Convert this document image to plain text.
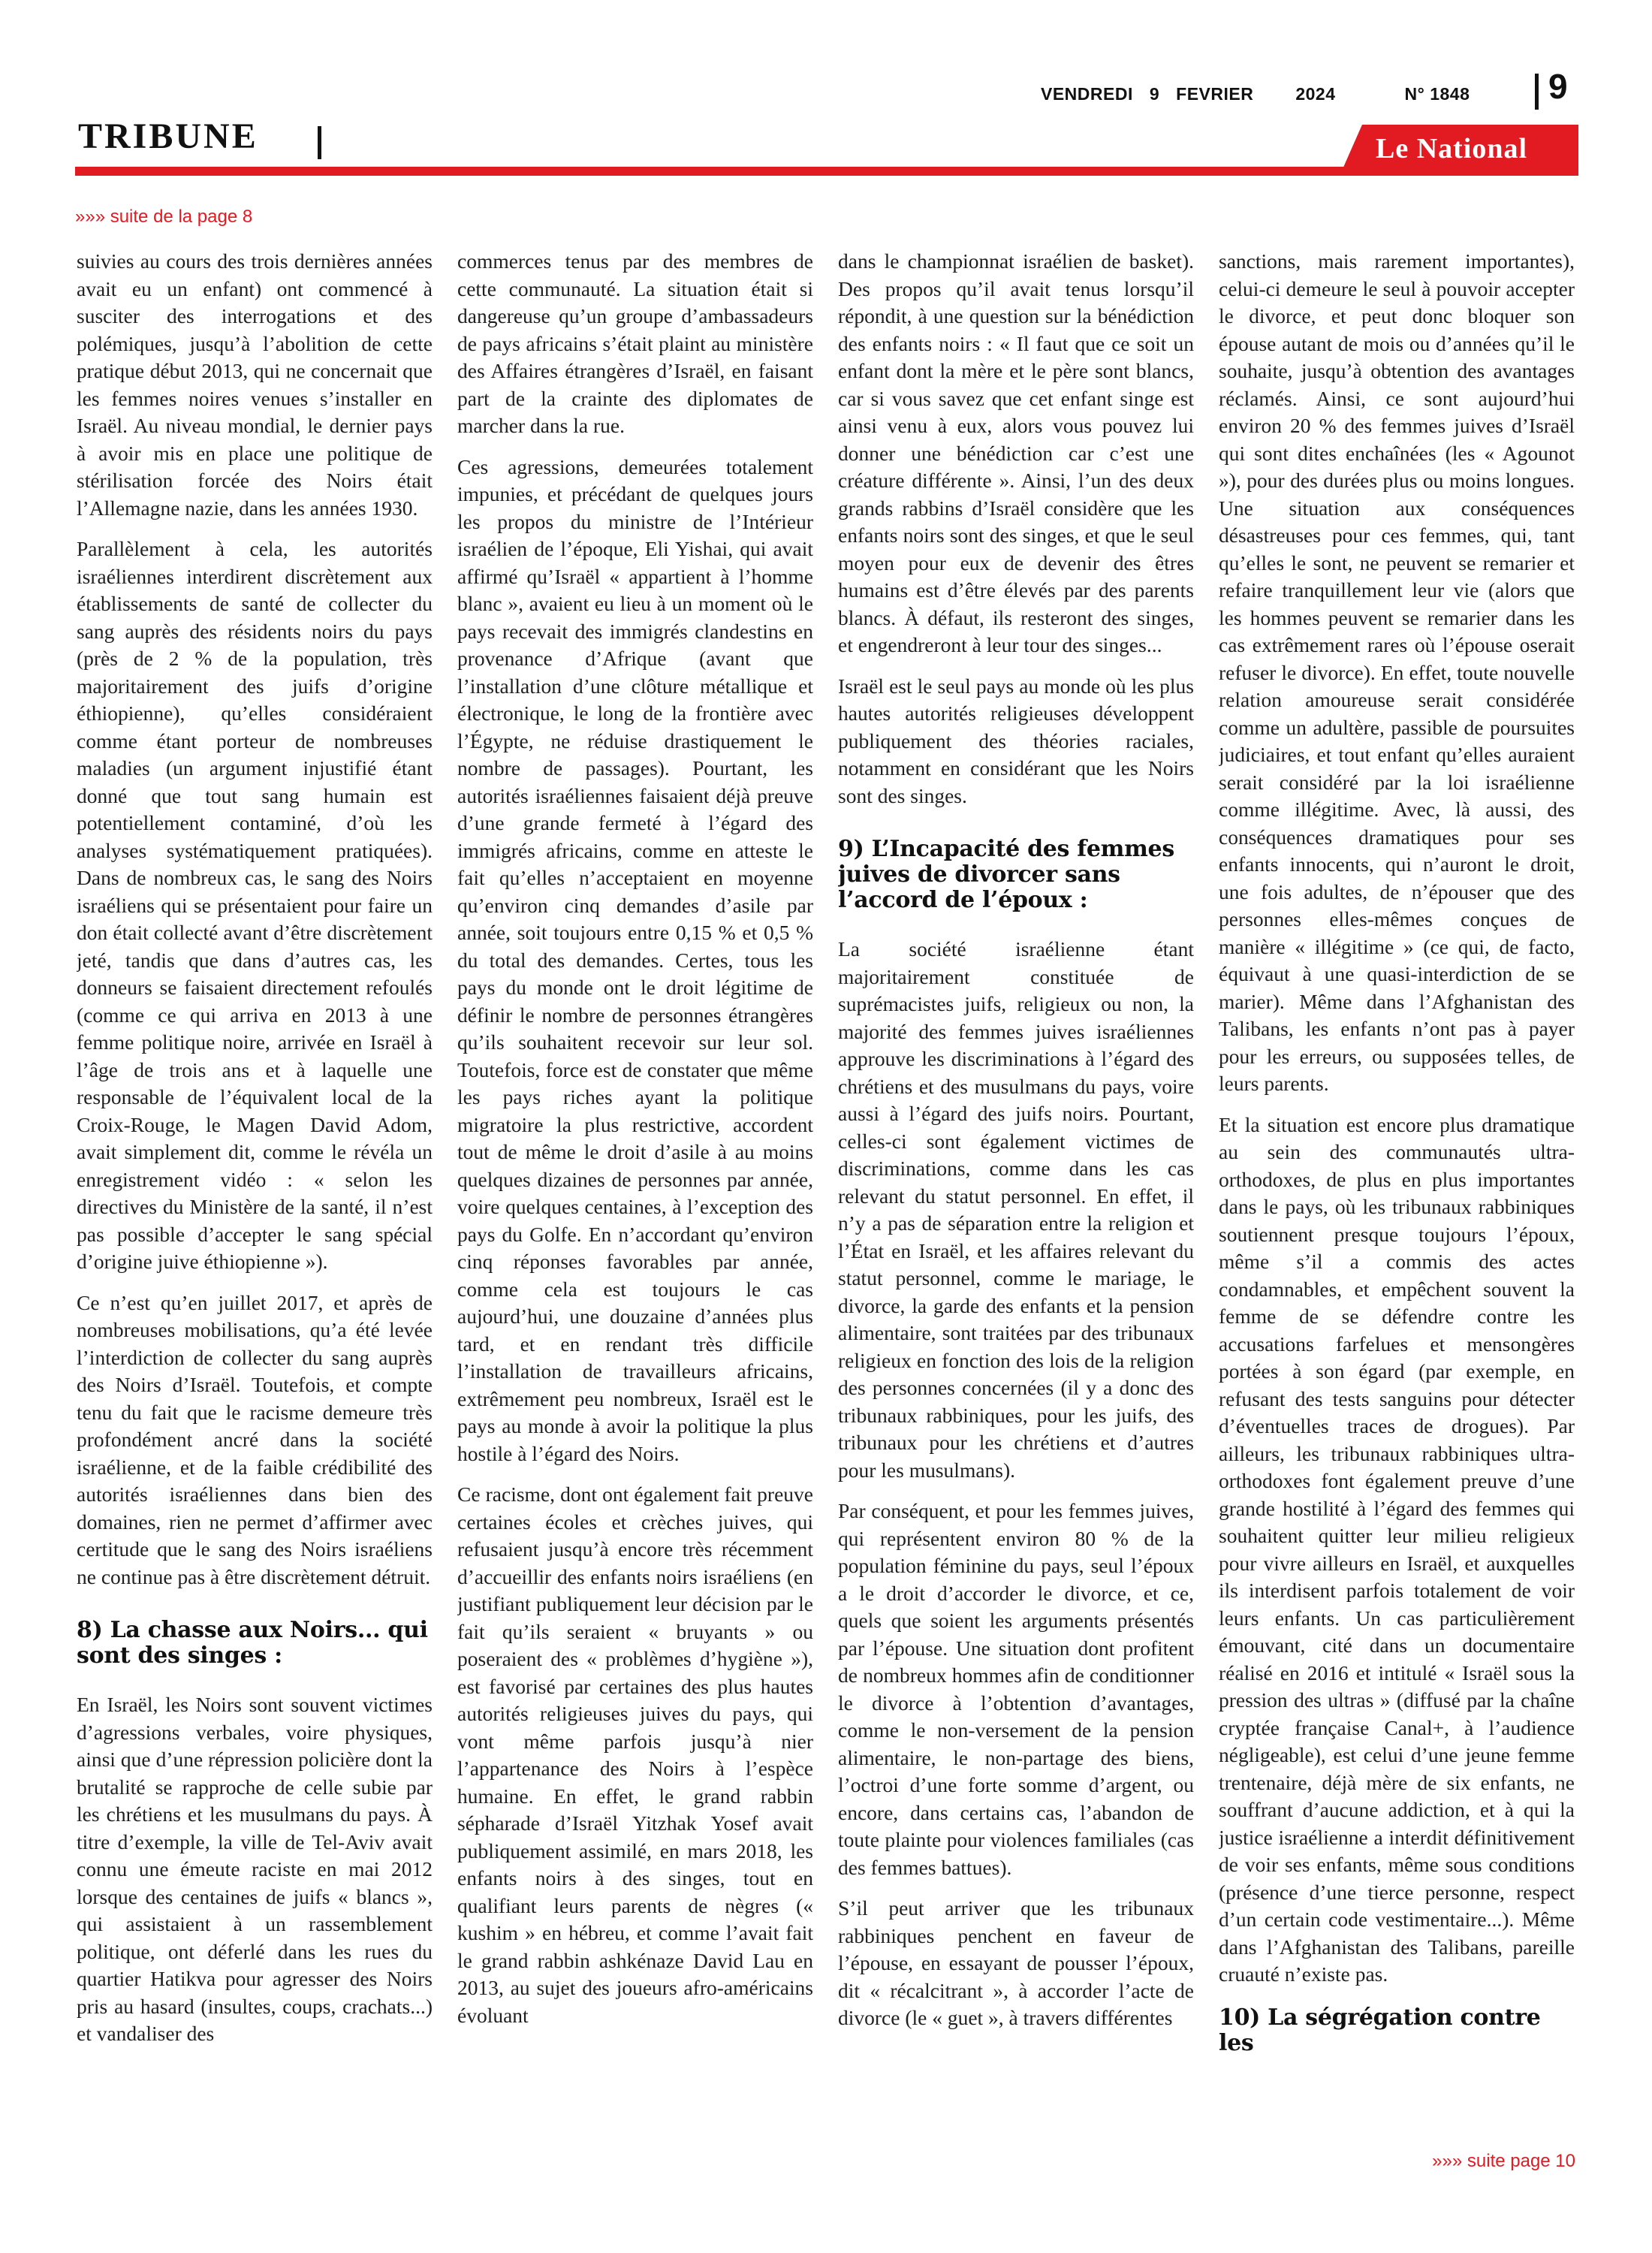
VENDREDI 9 FEVRIER 2024	N° 1848 9
TRIBUNE	Le National
»»» suite de la page 8

suivies au cours des trois dernières années avait eu un enfant) ont commencé à susciter des interrogations et des polémiques, jusqu’à l’abolition de cette pratique début 2013, qui ne concernait que les femmes noires venues s’installer en Israël. Au niveau mondial, le dernier pays à avoir mis en place une politique de stérilisation forcée des Noirs était l’Allemagne nazie, dans les années 1930.

Parallèlement à cela, les autorités israéliennes interdirent discrètement aux établissements de santé de collecter du sang auprès des résidents noirs du pays (près de 2 % de la population, très majoritairement des juifs d’origine éthiopienne), qu’elles considéraient comme étant porteur de nombreuses maladies (un argument injustifié étant donné que tout sang humain est potentiellement contaminé, d’où les analyses systématiquement pratiquées). Dans de nombreux cas, le sang des Noirs israéliens qui se présentaient pour faire un don était collecté avant d’être discrètement jeté, tandis que dans d’autres cas, les donneurs se faisaient directement refoulés (comme ce qui arriva en 2013 à une femme politique noire, arrivée en Israël à l’âge de trois ans et à laquelle une responsable de l’équivalent local de la Croix-Rouge, le Magen David Adom, avait simplement dit, comme le révéla un enregistrement vidéo : « selon les directives du Ministère de la santé, il n’est pas possible d’accepter le sang spécial d’origine juive éthiopienne »).

Ce n’est qu’en juillet 2017, et après de nombreuses mobilisations, qu’a été levée l’interdiction de collecter du sang auprès des Noirs d’Israël. Toutefois, et compte tenu du fait que le racisme demeure très profondément ancré dans la société israélienne, et de la faible crédibilité des autorités israéliennes dans bien des domaines, rien ne permet d’affirmer avec certitude que le sang des Noirs israéliens ne continue pas à être discrètement détruit.

8) La chasse aux Noirs... qui sont des singes :

En Israël, les Noirs sont souvent victimes d’agressions verbales, voire physiques, ainsi que d’une répression policière dont la brutalité se rapproche de celle subie par les chrétiens et les musulmans du pays. À titre d’exemple, la ville de Tel-Aviv avait connu une émeute raciste en mai 2012 lorsque des centaines de juifs « blancs », qui assistaient à un rassemblement politique, ont déferlé dans les rues du quartier Hatikva pour agresser des Noirs pris au hasard (insultes, coups, crachats...) et vandaliser des

commerces tenus par des membres de cette communauté. La situation était si dangereuse qu’un groupe d’ambassadeurs de pays africains s’était plaint au ministère des Affaires étrangères d’Israël, en faisant part de la crainte des diplomates de marcher dans la rue.

Ces agressions, demeurées totalement impunies, et précédant de quelques jours les propos du ministre de l’Intérieur israélien de l’époque, Eli Yishai, qui avait affirmé qu’Israël « appartient à l’homme blanc », avaient eu lieu à un moment où le pays recevait des immigrés clandestins en provenance d’Afrique (avant que l’installation d’une clôture métallique et électronique, le long de la frontière avec l’Égypte, ne réduise drastiquement le nombre de passages). Pourtant, les autorités israéliennes faisaient déjà preuve d’une grande fermeté à l’égard des immigrés africains, comme en atteste le fait qu’elles n’acceptaient en moyenne qu’environ cinq demandes d’asile par année, soit toujours entre 0,15 % et 0,5 % du total des demandes. Certes, tous les pays du monde ont le droit légitime de définir le nombre de personnes étrangères qu’ils souhaitent recevoir sur leur sol. Toutefois, force est de constater que même les pays riches ayant la politique migratoire la plus restrictive, accordent tout de même le droit d’asile à au moins quelques dizaines de personnes par année, voire quelques centaines, à l’exception des pays du Golfe. En n’accordant qu’environ cinq réponses favorables par année, comme cela est toujours le cas aujourd’hui, une douzaine d’années plus tard, et en rendant très difficile l’installation de travailleurs africains, extrêmement peu nombreux, Israël est le pays au monde à avoir la politique la plus hostile à l’égard des Noirs.

Ce racisme, dont ont également fait preuve certaines écoles et crèches juives, qui refusaient jusqu’à encore très récemment d’accueillir des enfants noirs israéliens (en justifiant publiquement leur décision par le fait qu’ils seraient « bruyants » ou poseraient des « problèmes d’hygiène »), est favorisé par certaines des plus hautes autorités religieuses juives du pays, qui vont même parfois jusqu’à nier l’appartenance des Noirs à l’espèce humaine. En effet, le grand rabbin sépharade d’Israël Yitzhak Yosef avait publiquement assimilé, en mars 2018, les enfants noirs à des singes, tout en qualifiant leurs parents de nègres (« kushim » en hébreu, et comme l’avait fait le grand rabbin ashkénaze David Lau en 2013, au sujet des joueurs afro-américains évoluant

dans le championnat israélien de basket). Des propos qu’il avait tenus lorsqu’il répondit, à une question sur la bénédiction des enfants noirs : « Il faut que ce soit un enfant dont la mère et le père sont blancs, car si vous savez que cet enfant singe est ainsi venu à eux, alors vous pouvez lui donner une bénédiction car c’est une créature différente ». Ainsi, l’un des deux grands rabbins d’Israël considère que les enfants noirs sont des singes, et que le seul moyen pour eux de devenir des êtres humains est d’être élevés par des parents blancs. À défaut, ils resteront des singes, et engendreront à leur tour des singes...

Israël est le seul pays au monde où les plus hautes autorités religieuses développent publiquement des théories raciales, notamment en considérant que les Noirs sont des singes.

9) L’Incapacité des femmes juives de divorcer sans l’accord de l’époux :

La société israélienne étant majoritairement constituée de suprémacistes juifs, religieux ou non, la majorité des femmes juives israéliennes approuve les discriminations à l’égard des chrétiens et des musulmans du pays, voire aussi à l’égard des juifs noirs. Pourtant, celles-ci sont également victimes de discriminations, comme dans les cas relevant du statut personnel. En effet, il n’y a pas de séparation entre la religion et l’État en Israël, et les affaires relevant du statut personnel, comme le mariage, le divorce, la garde des enfants et la pension alimentaire, sont traitées par des tribunaux religieux en fonction des lois de la religion des personnes concernées (il y a donc des tribunaux rabbiniques, pour les juifs, des tribunaux pour les chrétiens et d’autres pour les musulmans).

Par conséquent, et pour les femmes juives, qui représentent environ 80 % de la population féminine du pays, seul l’époux a le droit d’accorder le divorce, et ce, quels que soient les arguments présentés par l’épouse. Une situation dont profitent de nombreux hommes afin de conditionner le divorce à l’obtention d’avantages, comme le non-versement de la pension alimentaire, le non-partage des biens, l’octroi d’une forte somme d’argent, ou encore, dans certains cas, l’abandon de toute plainte pour violences familiales (cas des femmes battues).

S’il peut arriver que les tribunaux rabbiniques penchent en faveur de l’épouse, en essayant de pousser l’époux, dit « récalcitrant », à accorder l’acte de divorce (le « guet », à travers différentes

sanctions, mais rarement importantes), celui-ci demeure le seul à pouvoir accepter le divorce, et peut donc bloquer son épouse autant de mois ou d’années qu’il le souhaite, jusqu’à obtention des avantages réclamés. Ainsi, ce sont aujourd’hui environ 20 % des femmes juives d’Israël qui sont dites enchaînées (les « Agounot »), pour des durées plus ou moins longues. Une situation aux conséquences désastreuses pour ces femmes, qui, tant qu’elles le sont, ne peuvent se remarier et refaire tranquillement leur vie (alors que les hommes peuvent se remarier dans les cas extrêmement rares où l’épouse oserait refuser le divorce). En effet, toute nouvelle relation amoureuse serait considérée comme un adultère, passible de poursuites judiciaires, et tout enfant qu’elles auraient serait considéré par la loi israélienne comme illégitime. Avec, là aussi, des conséquences dramatiques pour ses enfants innocents, qui n’auront le droit, une fois adultes, de n’épouser que des personnes elles-mêmes conçues de manière « illégitime » (ce qui, de facto, équivaut à une quasi-interdiction de se marier). Même dans l’Afghanistan des Talibans, les enfants n’ont pas à payer pour les erreurs, ou supposées telles, de leurs parents.

Et la situation est encore plus dramatique au sein des communautés ultra-orthodoxes, de plus en plus importantes dans le pays, où les tribunaux rabbiniques soutiennent presque toujours l’époux, même s’il a commis des actes condamnables, et empêchent souvent la femme de se défendre contre les accusations farfelues et mensongères portées à son égard (par exemple, en refusant des tests sanguins pour détecter d’éventuelles traces de drogues). Par ailleurs, les tribunaux rabbiniques ultra-orthodoxes font également preuve d’une grande hostilité à l’égard des femmes qui souhaitent quitter leur milieu religieux pour vivre ailleurs en Israël, et auxquelles ils interdisent parfois totalement de voir leurs enfants. Un cas particulièrement émouvant, cité dans un documentaire réalisé en 2016 et intitulé « Israël sous la pression des ultras » (diffusé par la chaîne cryptée française Canal+, à l’audience négligeable), est celui d’une jeune femme trentenaire, déjà mère de six enfants, ne souffrant d’aucune addiction, et à qui la justice israélienne a interdit définitivement de voir ses enfants, même sous conditions (présence d’une tierce personne, respect d’un certain code vestimentaire...). Même dans l’Afghanistan des Talibans, pareille cruauté n’existe pas.

10) La ségrégation contre les
»»» suite page 10
